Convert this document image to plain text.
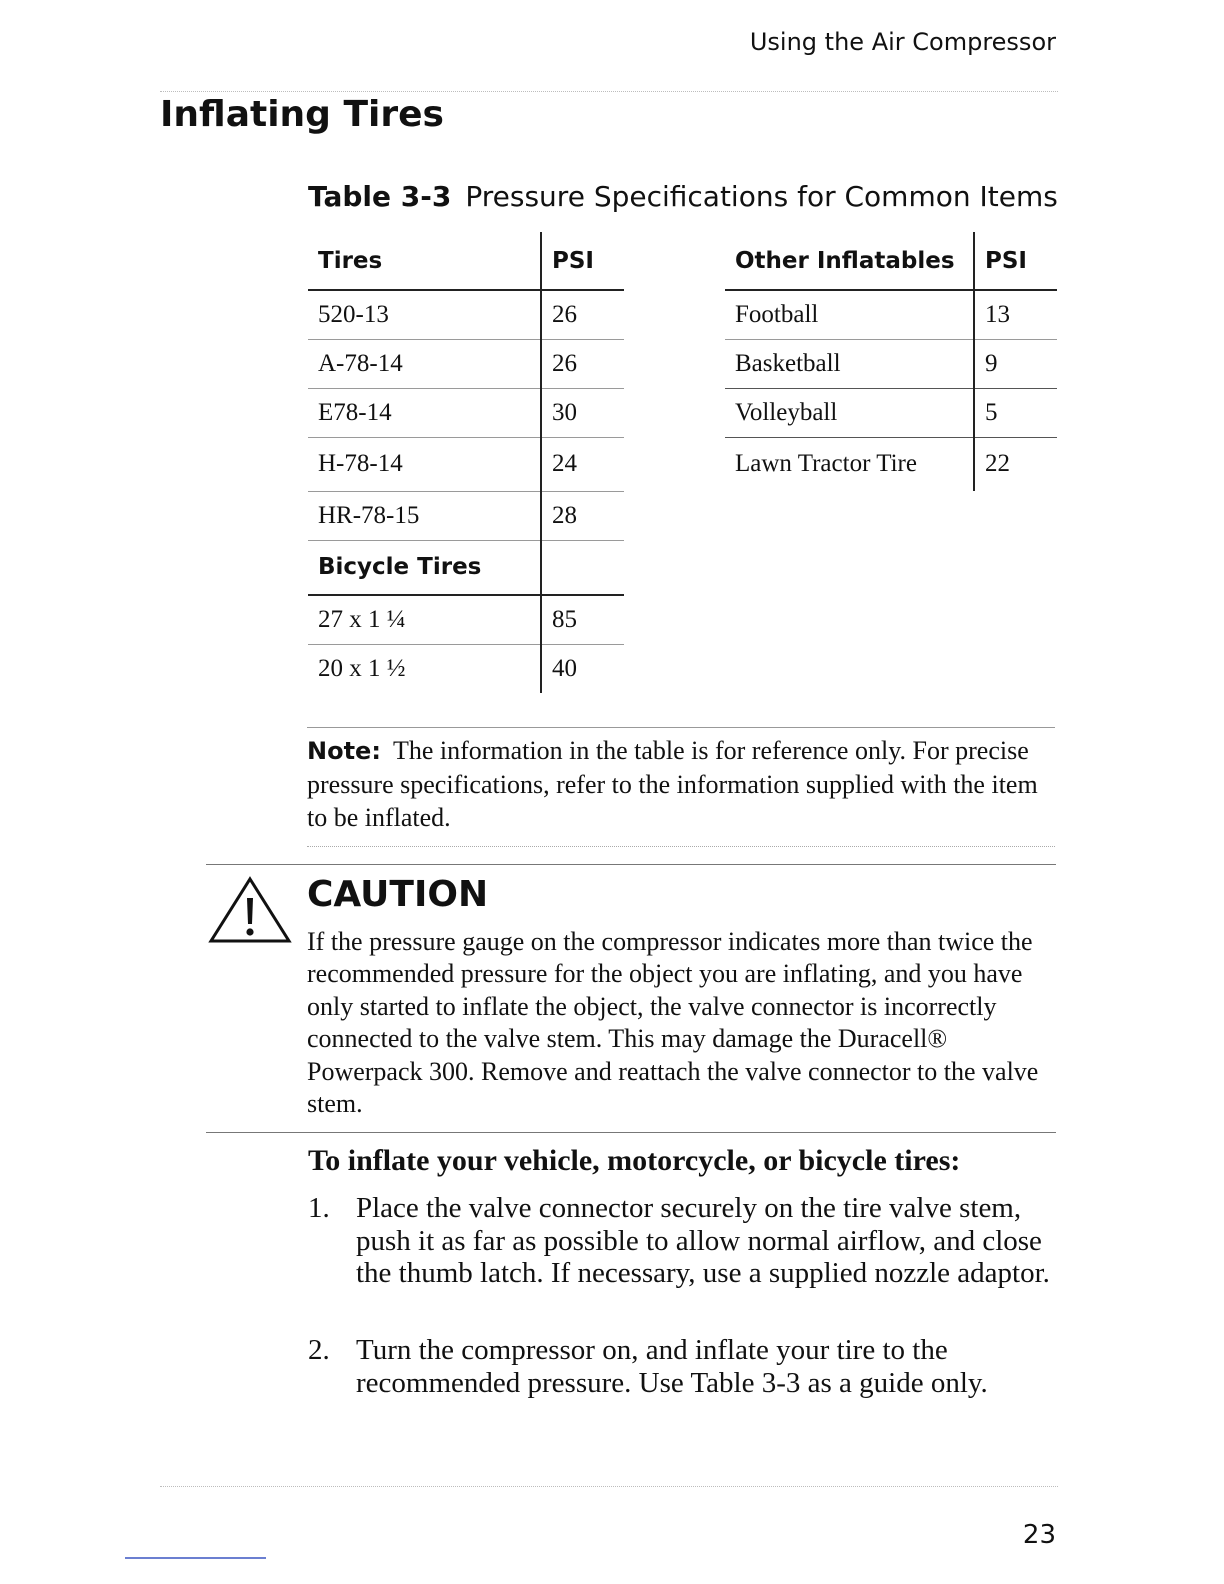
Using the Air Compressor
Inflating Tires
Table 3-3 Pressure Specifications for Common Items
Tires	PSI
520-13	26
A-78-14	26
E78-14	30
H-78-14	24
HR-78-15	28
Bicycle Tires	
27 x 1 ¼	85
20 x 1 ½	40
Other Inflatables	PSI
Football	13
Basketball	9
Volleyball	5
Lawn Tractor Tire	22
Note: The information in the table is for reference only. For precise pressure specifications, refer to the information supplied with the item to be inflated.
CAUTION
If the pressure gauge on the compressor indicates more than twice the recommended pressure for the object you are inflating, and you have only started to inflate the object, the valve connector is incorrectly connected to the valve stem. This may damage the Duracell® Powerpack 300. Remove and reattach the valve connector to the valve stem.
To inflate your vehicle, motorcycle, or bicycle tires:
1. Place the valve connector securely on the tire valve stem, push it as far as possible to allow normal airflow, and close the thumb latch. If necessary, use a supplied nozzle adaptor.
2. Turn the compressor on, and inflate your tire to the recommended pressure. Use Table 3-3 as a guide only.
23
